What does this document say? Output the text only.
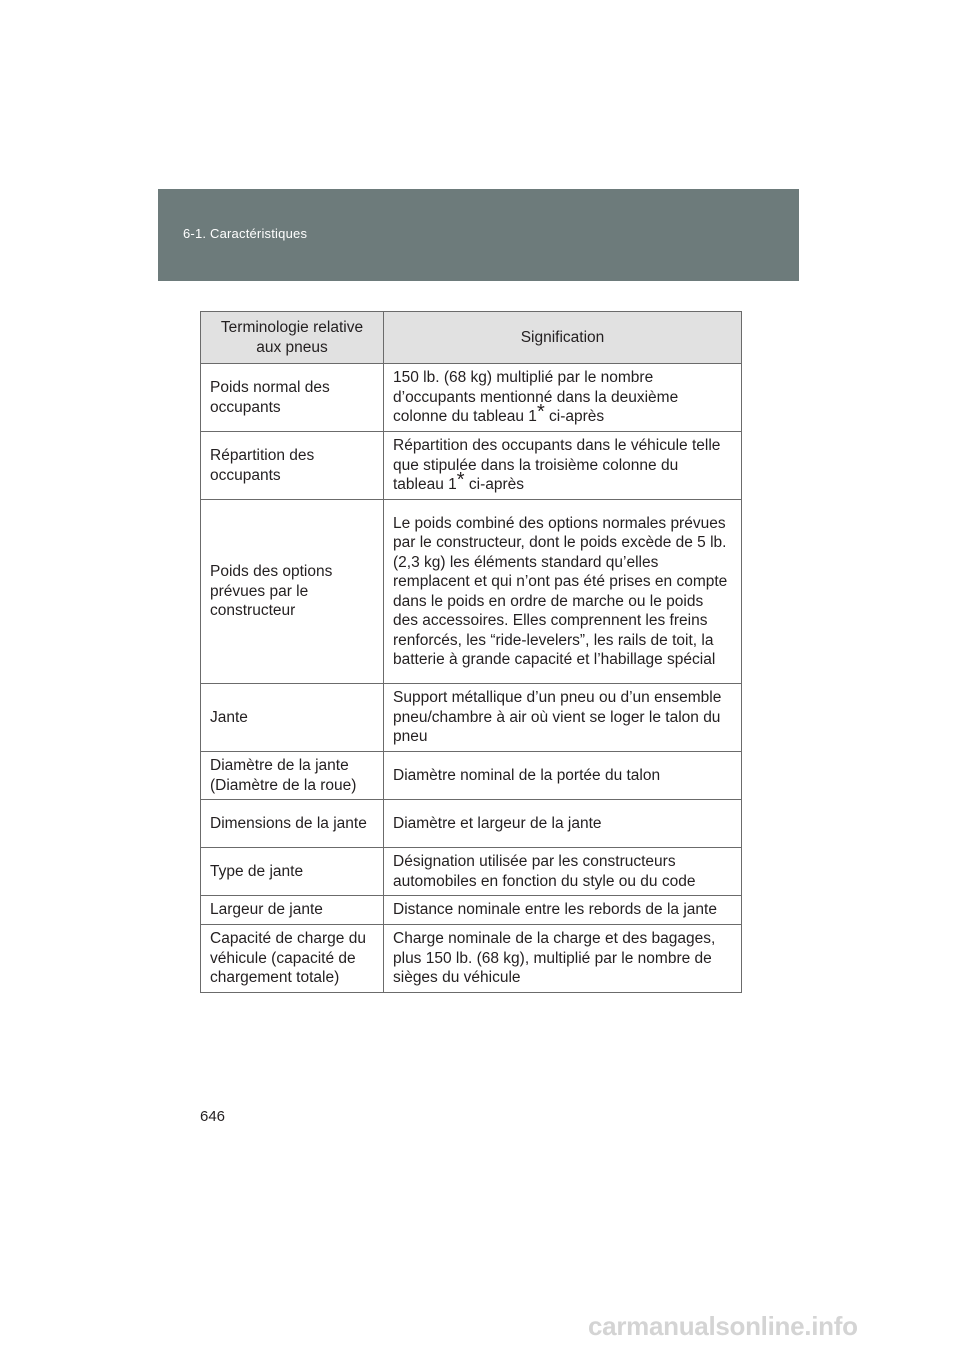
6-1. Caractéristiques
Terminologie relative aux pneus	Signification
Poids normal des occupants	150 lb. (68 kg) multiplié par le nombre d’occupants mentionné dans la deuxième colonne du tableau 1* ci-après
Répartition des occupants	Répartition des occupants dans le véhicule telle que stipulée dans la troisième colonne du tableau 1* ci-après
Poids des options prévues par le constructeur	Le poids combiné des options normales prévues par le constructeur, dont le poids excède de 5 lb. (2,3 kg) les éléments standard qu’elles remplacent et qui n’ont pas été prises en compte dans le poids en ordre de marche ou le poids des accessoires. Elles comprennent les freins renforcés, les “ride-levelers”, les rails de toit, la batterie à grande capacité et l’habillage spécial
Jante	Support métallique d’un pneu ou d’un ensemble pneu/chambre à air où vient se loger le talon du pneu
Diamètre de la jante (Diamètre de la roue)	Diamètre nominal de la portée du talon
Dimensions de la jante	Diamètre et largeur de la jante
Type de jante	Désignation utilisée par les constructeurs automobiles en fonction du style ou du code
Largeur de jante	Distance nominale entre les rebords de la jante
Capacité de charge du véhicule (capacité de chargement totale)	Charge nominale de la charge et des bagages, plus 150 lb. (68 kg), multiplié par le nombre de sièges du véhicule
646
carmanualsonline.info
